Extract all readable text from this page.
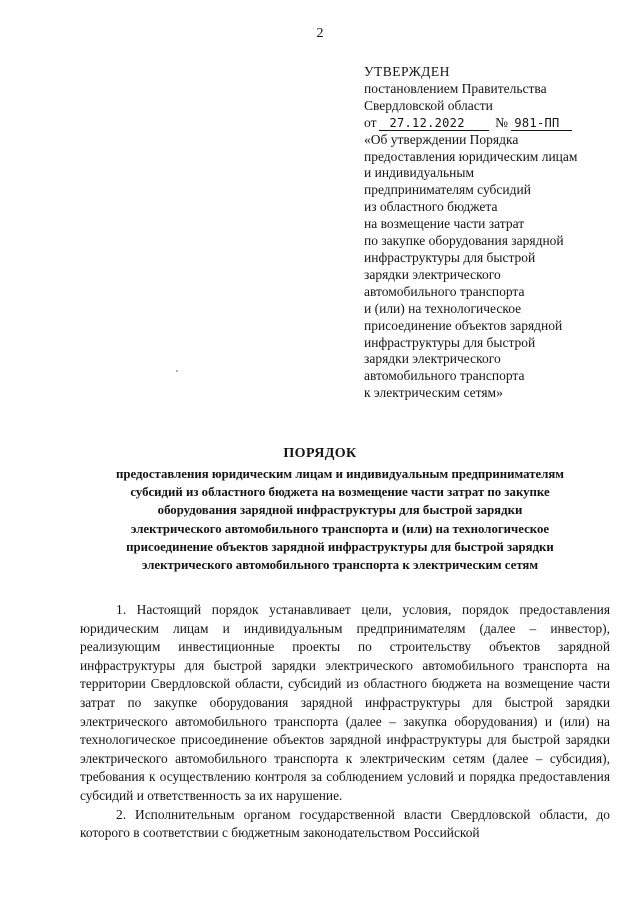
2
УТВЕРЖДЕН
постановлением Правительства
Свердловской области
от 27.12.2022 № 981-ПП
«Об утверждении Порядка
предоставления юридическим лицам
и индивидуальным
предпринимателям субсидий
из областного бюджета
на возмещение части затрат
по закупке оборудования зарядной
инфраструктуры для быстрой
зарядки электрического
автомобильного транспорта
и (или) на технологическое
присоединение объектов зарядной
инфраструктуры для быстрой
зарядки электрического
автомобильного транспорта
к электрическим сетям»
ПОРЯДОК
предоставления юридическим лицам и индивидуальным предпринимателям
субсидий из областного бюджета на возмещение части затрат по закупке
оборудования зарядной инфраструктуры для быстрой зарядки
электрического автомобильного транспорта и (или) на технологическое
присоединение объектов зарядной инфраструктуры для быстрой зарядки
электрического автомобильного транспорта к электрическим сетям

1. Настоящий порядок устанавливает цели, условия, порядок предоставления юридическим лицам и индивидуальным предпринимателям (далее – инвестор), реализующим инвестиционные проекты по строительству объектов зарядной инфраструктуры для быстрой зарядки электрического автомобильного транспорта на территории Свердловской области, субсидий из областного бюджета на возмещение части затрат по закупке оборудования зарядной инфраструктуры для быстрой зарядки электрического автомобильного транспорта (далее – закупка оборудования) и (или) на технологическое присоединение объектов зарядной инфраструктуры для быстрой зарядки электрического автомобильного транспорта к электрическим сетям (далее – субсидия), требования к осуществлению контроля за соблюдением условий и порядка предоставления субсидий и ответственность за их нарушение.

2. Исполнительным органом государственной власти Свердловской области, до которого в соответствии с бюджетным законодательством Российской
